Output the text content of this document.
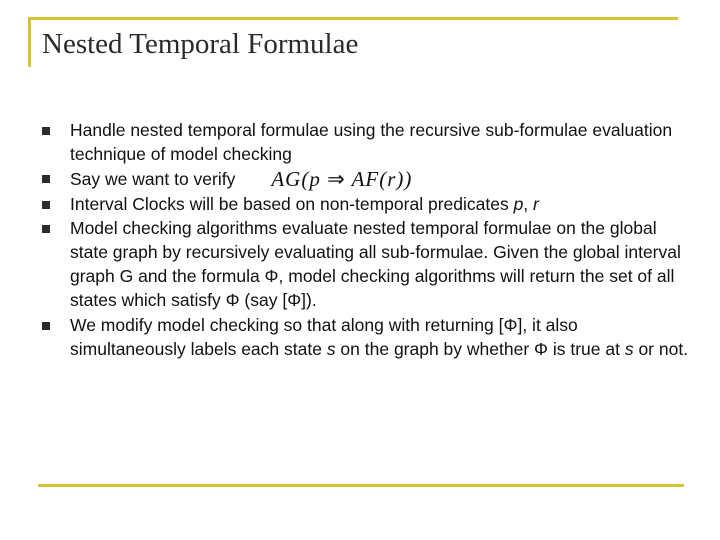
Nested Temporal Formulae
Handle nested temporal formulae using the recursive sub-formulae evaluation technique of model checking
Say we want to verify AG(p ⇒ AF(r))
Interval Clocks will be based on non-temporal predicates p, r
Model checking algorithms evaluate nested temporal formulae on the global state graph by recursively evaluating all sub-formulae. Given the global interval graph G and the formula Φ, model checking algorithms will return the set of all states which satisfy Φ (say [Φ]).
We modify model checking so that along with returning [Φ], it also simultaneously labels each state s on the graph by whether Φ is true at s or not.
